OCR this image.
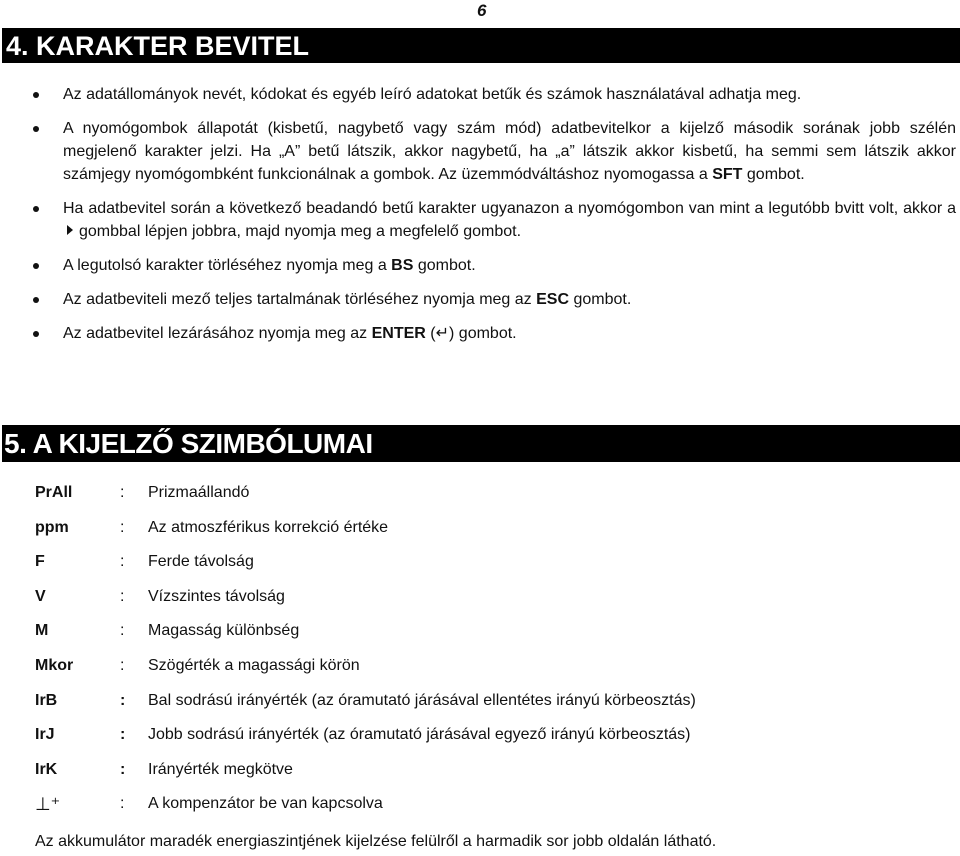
6
4. KARAKTER BEVITEL
Az adatállományok nevét, kódokat és egyéb leíró adatokat betűk és számok használatával adhatja meg.
A nyomógombok állapotát (kisbetű, nagybető vagy szám mód) adatbevitelkor a kijelző második sorának jobb szélén megjelenő karakter jelzi. Ha „A” betű látszik, akkor nagybetű, ha „a” látszik akkor kisbetű, ha semmi sem látszik akkor számjegy nyomógombként funkcionálnak a gombok. Az üzemmódváltáshoz nyomogassa a SFT gombot.
Ha adatbevitel során a következő beadandó betű karakter ugyanazon a nyomógombon van mint a legutóbb bvitt volt, akkor agombbal lépjen jobbra, majd nyomja meg a megfelelő gombot.
A legutolsó karakter törléséhez nyomja meg a BS gombot.
Az adatbeviteli mező teljes tartalmának törléséhez nyomja meg az ESC gombot.
Az adatbevitel lezárásához nyomja meg az ENTER (↵) gombot.
5. A KIJELZŐ SZIMBÓLUMAI
PrAll	: Prizmaállandó
ppm	: Az atmoszférikus korrekció értéke
F	: Ferde távolság
V	: Vízszintes távolság
M	: Magasság különbség
Mkor	: Szögérték a magassági körön
IrB	: Bal sodrású irányérték (az óramutató járásával ellentétes irányú körbeosztás)
IrJ	: Jobb sodrású irányérték (az óramutató járásával egyező irányú körbeosztás)
IrK	: Irányérték megkötve
⊥⁺	: A kompenzátor be van kapcsolva
Az akkumulátor maradék energiaszintjének kijelzése felülről a harmadik sor jobb oldalán látható.
